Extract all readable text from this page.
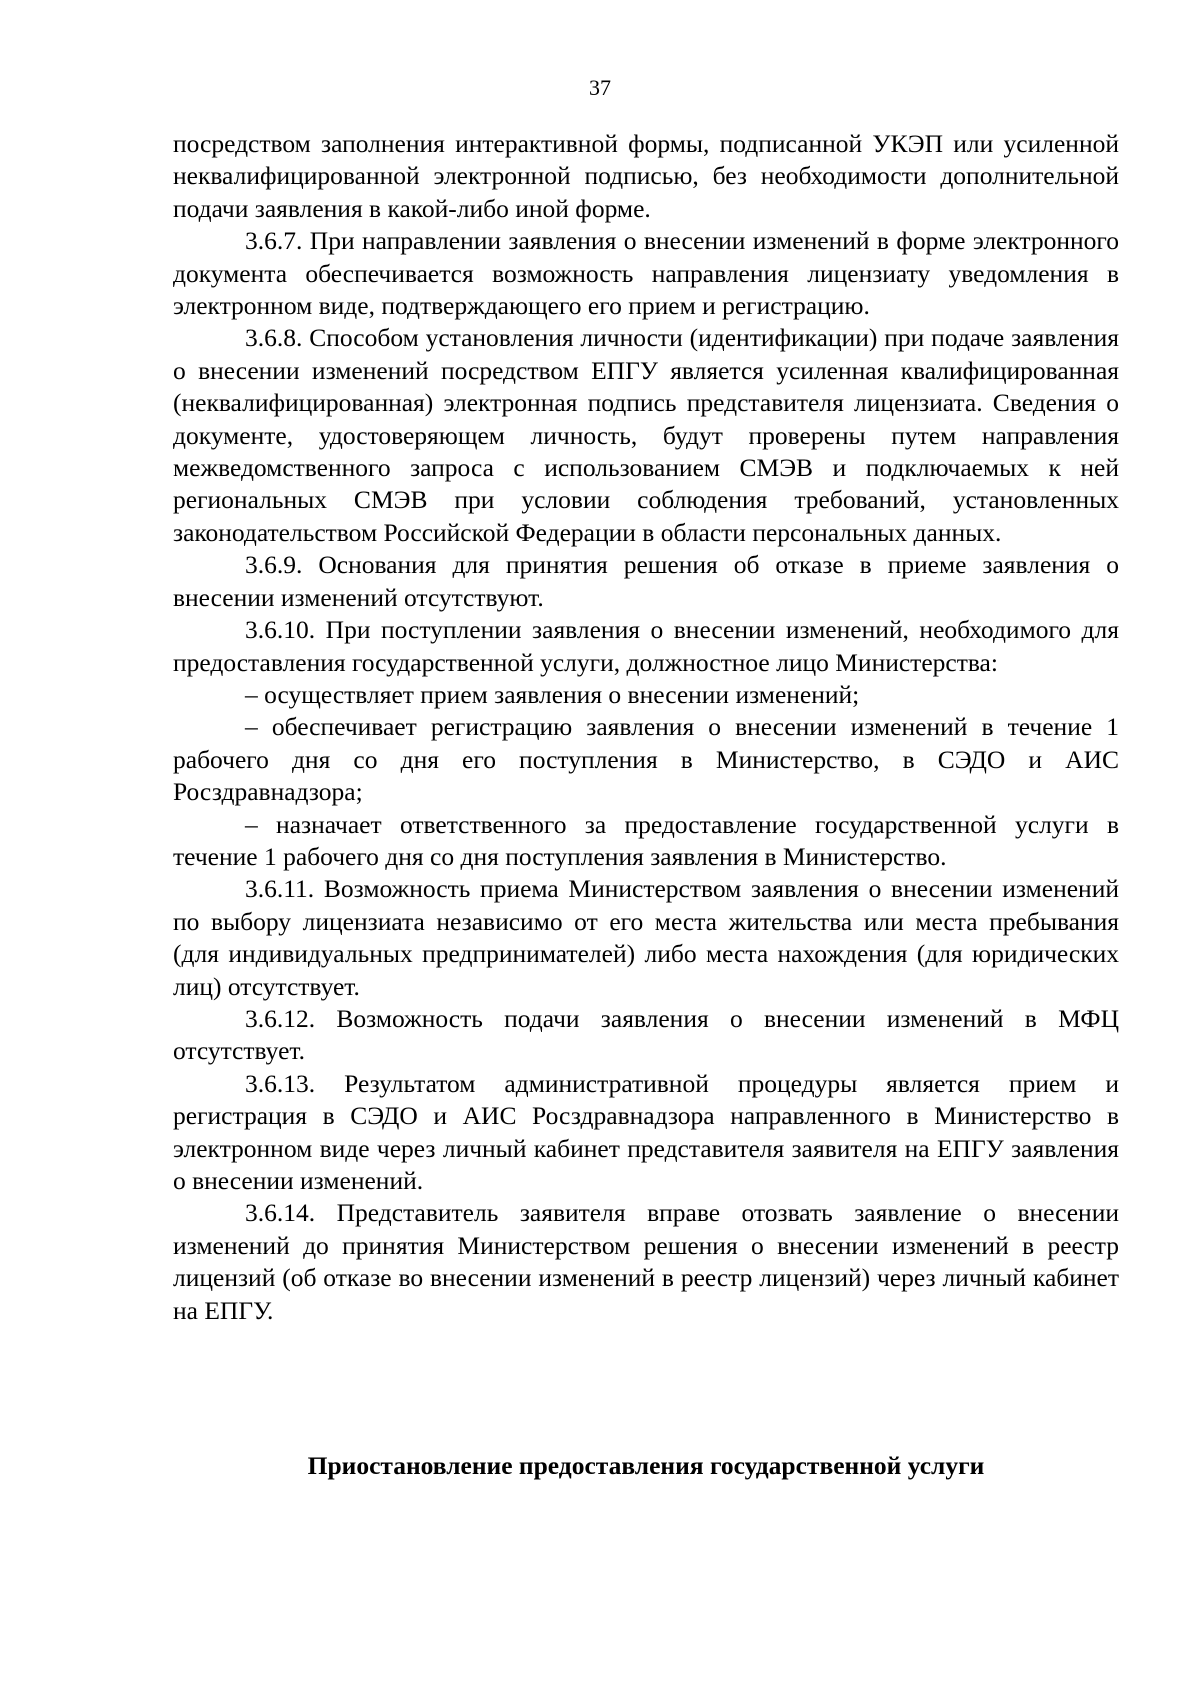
37

посредством заполнения интерактивной формы, подписанной УКЭП или усиленной неквалифицированной электронной подписью, без необходимости дополнительной подачи заявления в какой-либо иной форме.

3.6.7. При направлении заявления о внесении изменений в форме электронного документа обеспечивается возможность направления лицензиату уведомления в электронном виде, подтверждающего его прием и регистрацию.

3.6.8. Способом установления личности (идентификации) при подаче заявления о внесении изменений посредством ЕПГУ является усиленная квалифицированная (неквалифицированная) электронная подпись представителя лицензиата. Сведения о документе, удостоверяющем личность, будут проверены путем направления межведомственного запроса с использованием СМЭВ и подключаемых к ней региональных СМЭВ при условии соблюдения требований, установленных законодательством Российской Федерации в области персональных данных.

3.6.9. Основания для принятия решения об отказе в приеме заявления о внесении изменений отсутствуют.

3.6.10. При поступлении заявления о внесении изменений, необходимого для предоставления государственной услуги, должностное лицо Министерства:

– осуществляет прием заявления о внесении изменений;

– обеспечивает регистрацию заявления о внесении изменений в течение 1 рабочего дня со дня его поступления в Министерство, в СЭДО и АИС Росздравнадзора;

– назначает ответственного за предоставление государственной услуги в течение 1 рабочего дня со дня поступления заявления в Министерство.

3.6.11. Возможность приема Министерством заявления о внесении изменений по выбору лицензиата независимо от его места жительства или места пребывания (для индивидуальных предпринимателей) либо места нахождения (для юридических лиц) отсутствует.

3.6.12. Возможность подачи заявления о внесении изменений в МФЦ отсутствует.

3.6.13. Результатом административной процедуры является прием и регистрация в СЭДО и АИС Росздравнадзора направленного в Министерство в электронном виде через личный кабинет представителя заявителя на ЕПГУ заявления о внесении изменений.

3.6.14. Представитель заявителя вправе отозвать заявление о внесении изменений до принятия Министерством решения о внесении изменений в реестр лицензий (об отказе во внесении изменений в реестр лицензий) через личный кабинет на ЕПГУ.

Приостановление предоставления государственной услуги
